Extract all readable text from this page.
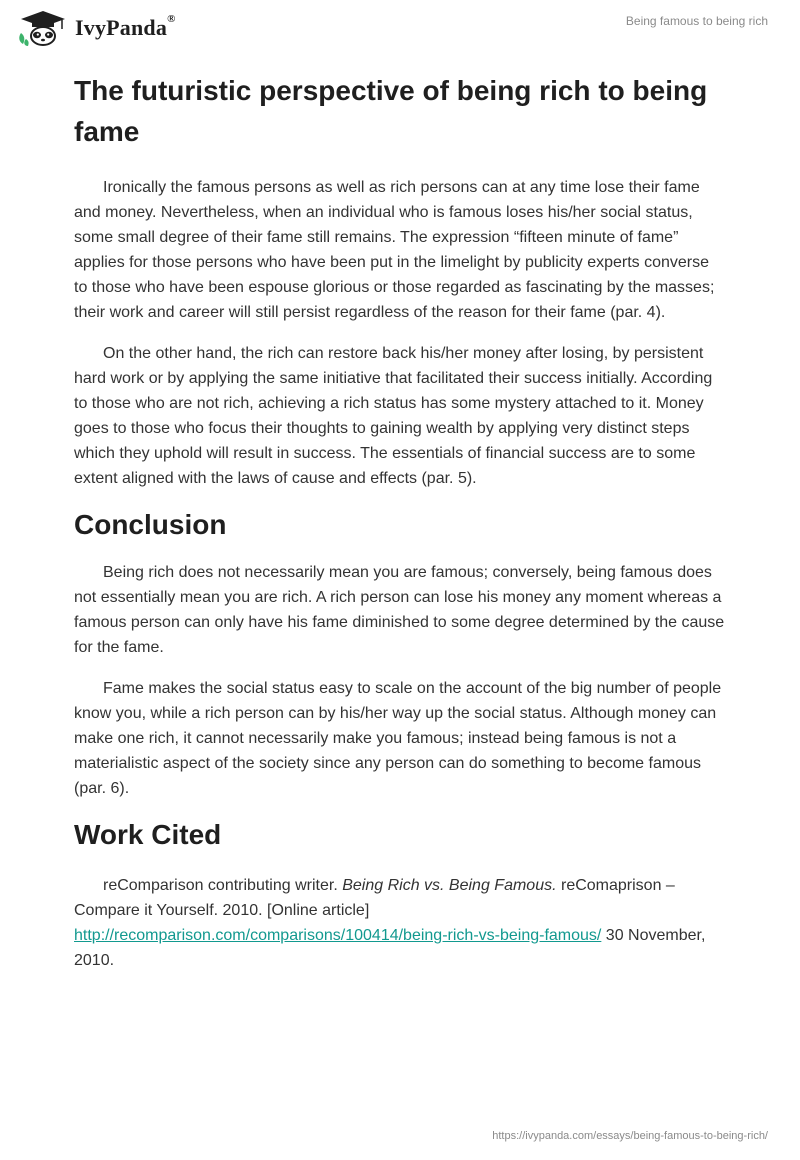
IvyPanda®	Being famous to being rich
The futuristic perspective of being rich to being fame

Ironically the famous persons as well as rich persons can at any time lose their fame and money. Nevertheless, when an individual who is famous loses his/her social status, some small degree of their fame still remains. The expression “fifteen minute of fame” applies for those persons who have been put in the limelight by publicity experts converse to those who have been espouse glorious or those regarded as fascinating by the masses; their work and career will still persist regardless of the reason for their fame (par. 4).

On the other hand, the rich can restore back his/her money after losing, by persistent hard work or by applying the same initiative that facilitated their success initially. According to those who are not rich, achieving a rich status has some mystery attached to it. Money goes to those who focus their thoughts to gaining wealth by applying very distinct steps which they uphold will result in success. The essentials of financial success are to some extent aligned with the laws of cause and effects (par. 5).

Conclusion

Being rich does not necessarily mean you are famous; conversely, being famous does not essentially mean you are rich. A rich person can lose his money any moment whereas a famous person can only have his fame diminished to some degree determined by the cause for the fame.

Fame makes the social status easy to scale on the account of the big number of people know you, while a rich person can by his/her way up the social status. Although money can make one rich, it cannot necessarily make you famous; instead being famous is not a materialistic aspect of the society since any person can do something to become famous (par. 6).

Work Cited

reComparison contributing writer. Being Rich vs. Being Famous. reComaprison – Compare it Yourself. 2010. [Online article] http://recomparison.com/comparisons/100414/being-rich-vs-being-famous/ 30 November, 2010.

https://ivypanda.com/essays/being-famous-to-being-rich/
